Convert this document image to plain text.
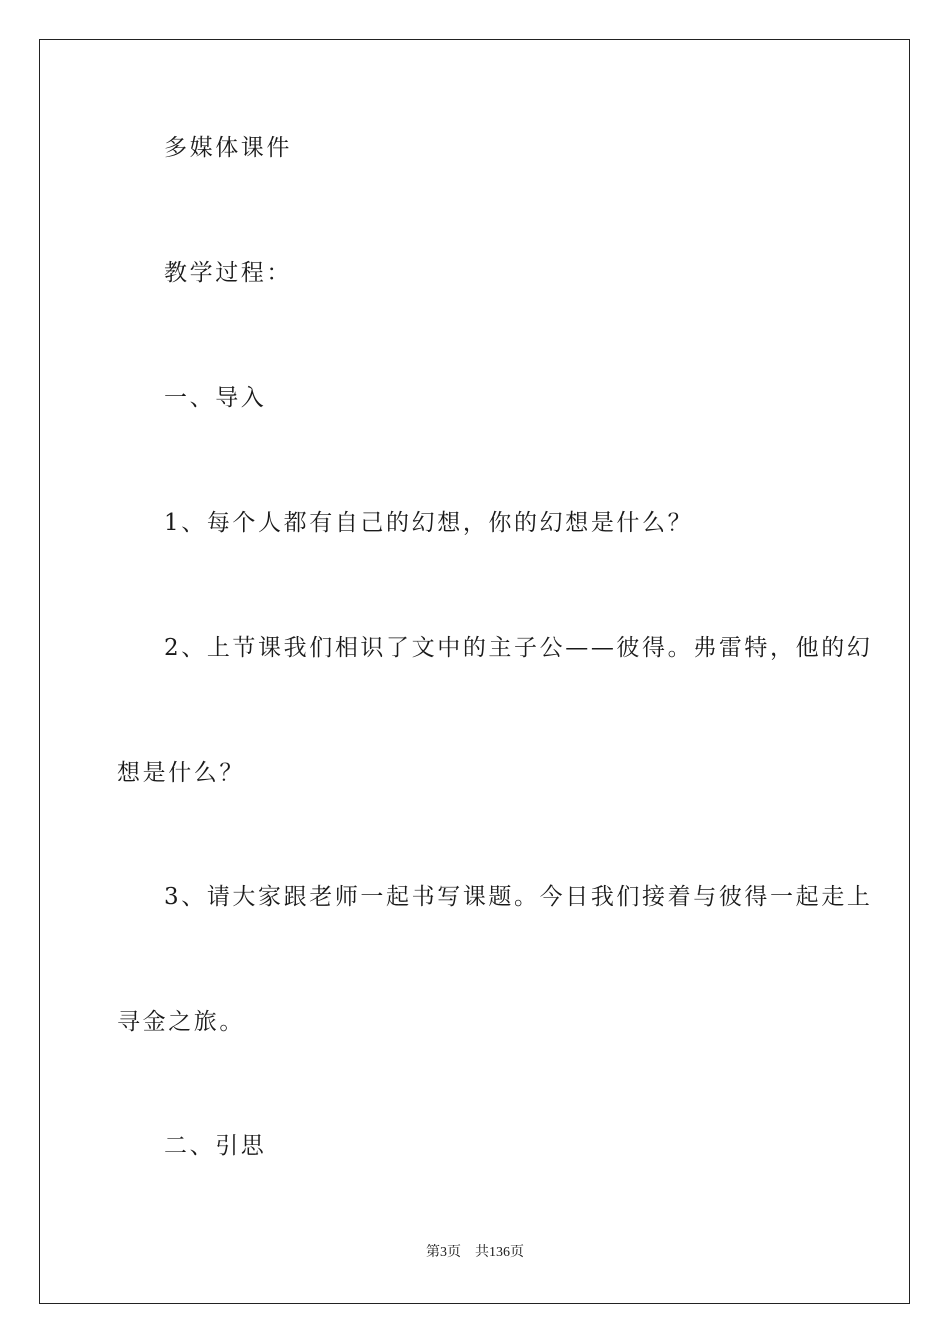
多媒体课件
教学过程：
一、导入
1、每个人都有自己的幻想，你的幻想是什么？
2、上节课我们相识了文中的主子公——彼得。弗雷特，他的幻
想是什么？
3、请大家跟老师一起书写课题。今日我们接着与彼得一起走上
寻金之旅。
二、引思
第3页 共136页
